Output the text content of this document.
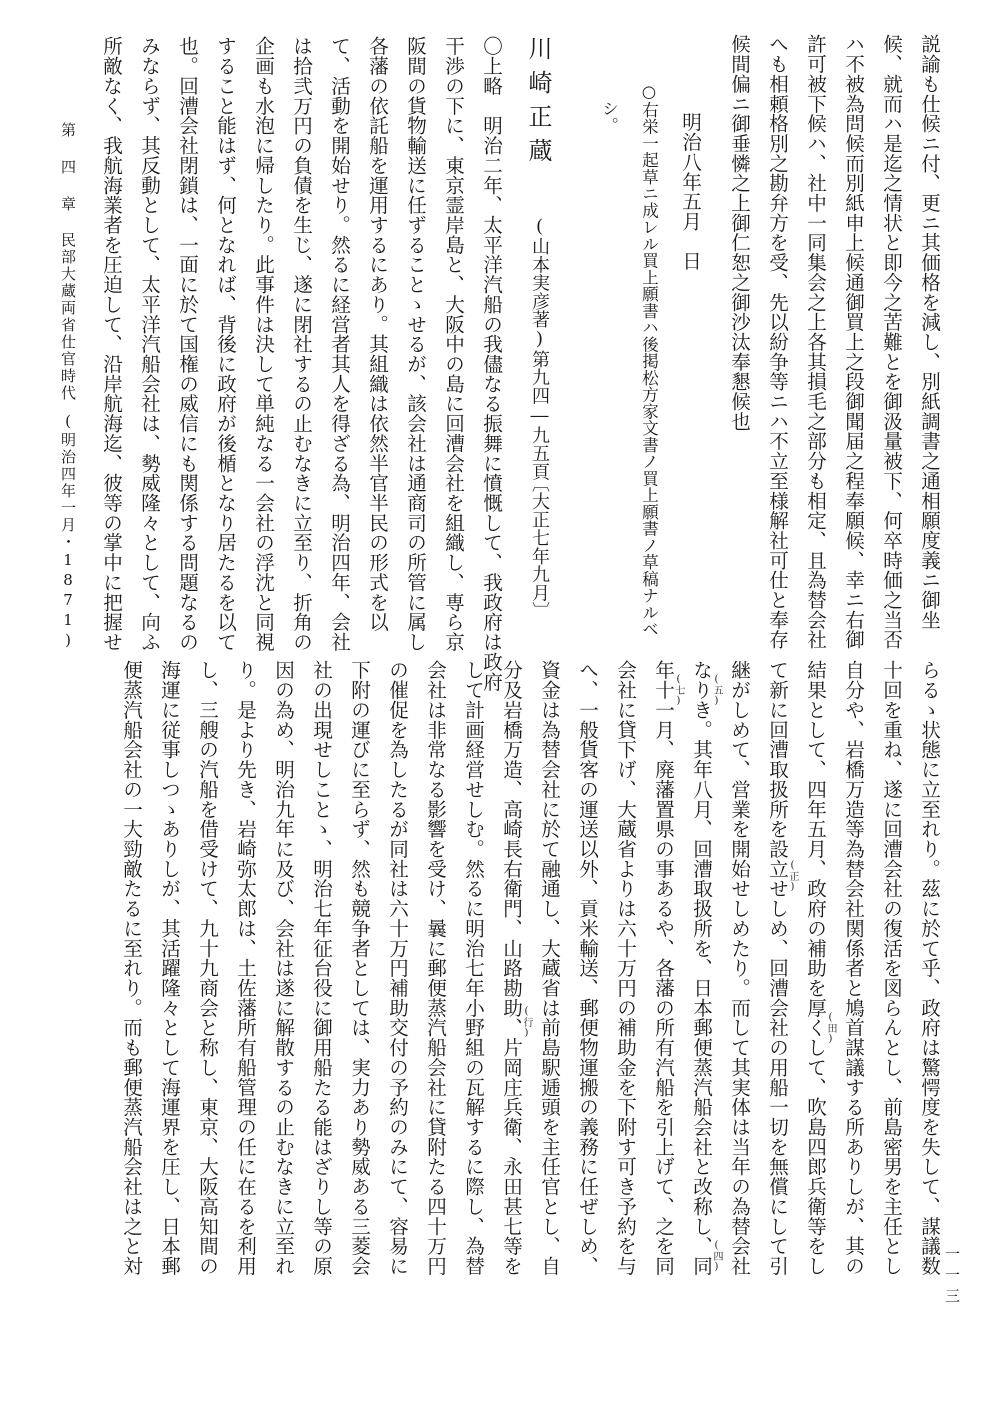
説諭も仕候ニ付、更ニ其価格を減し、別紙調書之通相願度義ニ御坐
候、就而ハ是迄之情状と即今之苦難とを御汲量被下、何卒時価之当否
ハ不被為問候而別紙申上候通御買上之段御聞届之程奉願候、幸ニ右御
許可被下候ハ、社中一同集会之上各其損毛之部分も相定、且為替会社
へも相頼格別之勘弁方を受、先以紛争等ニハ不立至様解社可仕と奉存
候間偏ニ御垂憐之上御仁恕之御沙汰奉懇候也
明治八年五月　日
○右栄一起草ニ成レル買上願書ハ後掲松方家文書ノ買上願書ノ草稿ナルベ
シ。
川崎正蔵
(山本実彦著)
第九四―九五頁
〔大正七年九月〕
〇上略　明治二年、太平洋汽船の我儘なる振舞に憤慨して、我政府は政府
干渉の下に、東京霊岸島と、大阪中の島に回漕会社を組織し、専ら京
阪間の貨物輸送に任ずることゝせるが、該会社は通商司の所管に属し
各藩の依託船を運用するにあり。其組織は依然半官半民の形式を以
て、活動を開始せり。然るに経営者其人を得ざる為、明治四年、会社
は拾弐万円の負債を生じ、遂に閉社するの止むなきに立至り、折角の
企画も水泡に帰したり。此事件は決して単純なる一会社の浮沈と同視
すること能はず、何となれば、背後に政府が後楯となり居たるを以て
也。回漕会社閉鎖は、一面に於て国権の威信にも関係する問題なるの
みならず、其反動として、太平洋汽船会社は、勢威隆々として、向ふ
所敵なく、我航海業者を圧迫して、沿岸航海迄、彼等の掌中に把握せ
第 四 章
民部大蔵両省仕官時代
(明治四年一月・1871)
らるゝ状態に立至れり。茲に於て乎、政府は驚愕度を失して、謀議数
十回を重ね、遂に回漕会社の復活を図らんとし、前島密男を主任とし
自分や、岩橋万造等為替会社関係者と鳩首謀議する所ありしが、其の
結果として、四年五月、政府の補助を厚くして、吹島四郎兵衛等をし
て新に回漕取扱所を設立せしめ、回漕会社の用船一切を無償にして引
継がしめて、営業を開始せしめたり。而して其実体は当年の為替会社
なりき。其年八月、回漕取扱所を、日本郵便蒸汽船会社と改称し、同
年十一月、廃藩置県の事あるや、各藩の所有汽船を引上げて、之を同
会社に貸下げ、大蔵省よりは六十万円の補助金を下附す可き予約を与
へ、一般貨客の運送以外、貢米輸送、郵便物運搬の義務に任ぜしめ、
資金は為替会社に於て融通し、大蔵省は前島駅逓頭を主任官とし、自
分及岩橋万造、高崎長右衛門、山路勘助、片岡庄兵衛、永田甚七等を
して計画経営せしむ。然るに明治七年小野組の瓦解するに際し、為替
会社は非常なる影響を受け、曩に郵便蒸汽船会社に貸附たる四十万円
の催促を為したるが同社は六十万円補助交付の予約のみにて、容易に
下附の運びに至らず、然も競争者としては、実力あり勢威ある三菱会
社の出現せしことゝ、明治七年征台役に御用船たる能はざりし等の原
因の為め、明治九年に及び、会社は遂に解散するの止むなきに立至れ
り。是より先き、岩崎弥太郎は、土佐藩所有船管理の任に在るを利用
し、三艘の汽船を借受けて、九十九商会と称し、東京、大阪高知間の
海運に従事しつゝありしが、其活躍隆々として海運界を圧し、日本郵
便蒸汽船会社の一大勁敵たるに至れり。而も郵便蒸汽船会社は之と対	(四)
(五)
(七)
(行)	(田)
(正)
一一三
